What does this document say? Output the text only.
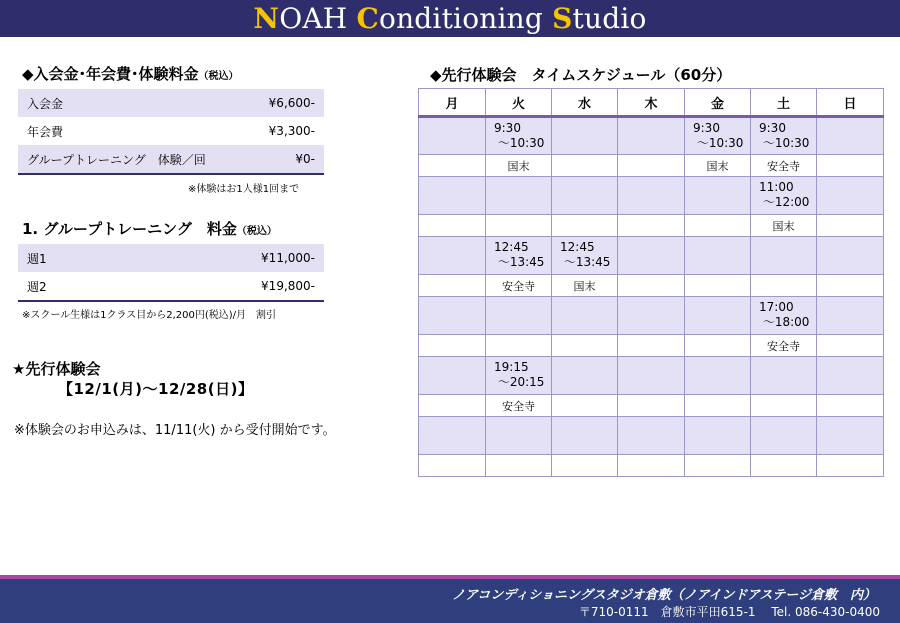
NOAH Conditioning Studio
◆入会金･年会費･体験料金（税込）
入会金	¥6,600-
年会費	¥3,300-
グループトレーニング　体験／回	¥0-
※体験はお1人様1回まで
1. グループトレーニング　料金（税込）
週1	¥11,000-
週2	¥19,800-
※スクール生様は1クラス目から2,200円(税込)/月　割引
★先行体験会
【12/1(月)～12/28(日)】
※体験会のお申込みは、11/11(火) から受付開始です。
◆先行体験会　タイムスケジュール（60分）
月	火	水	木	金	土	日
	9:30
～10:30			9:30
～10:30	9:30
～10:30	
	国末			国末	安全寺	
					11:00
～12:00	
					国末	
	12:45
～13:45	12:45
～13:45				
	安全寺	国末				
					17:00
～18:00	
					安全寺	
	19:15
～20:15					
	安全寺					

ノアコンディショニングスタジオ倉敷（ノアインドアステージ倉敷　内）
〒710-0111　倉敷市平田615-1　 Tel. 086-430-0400
